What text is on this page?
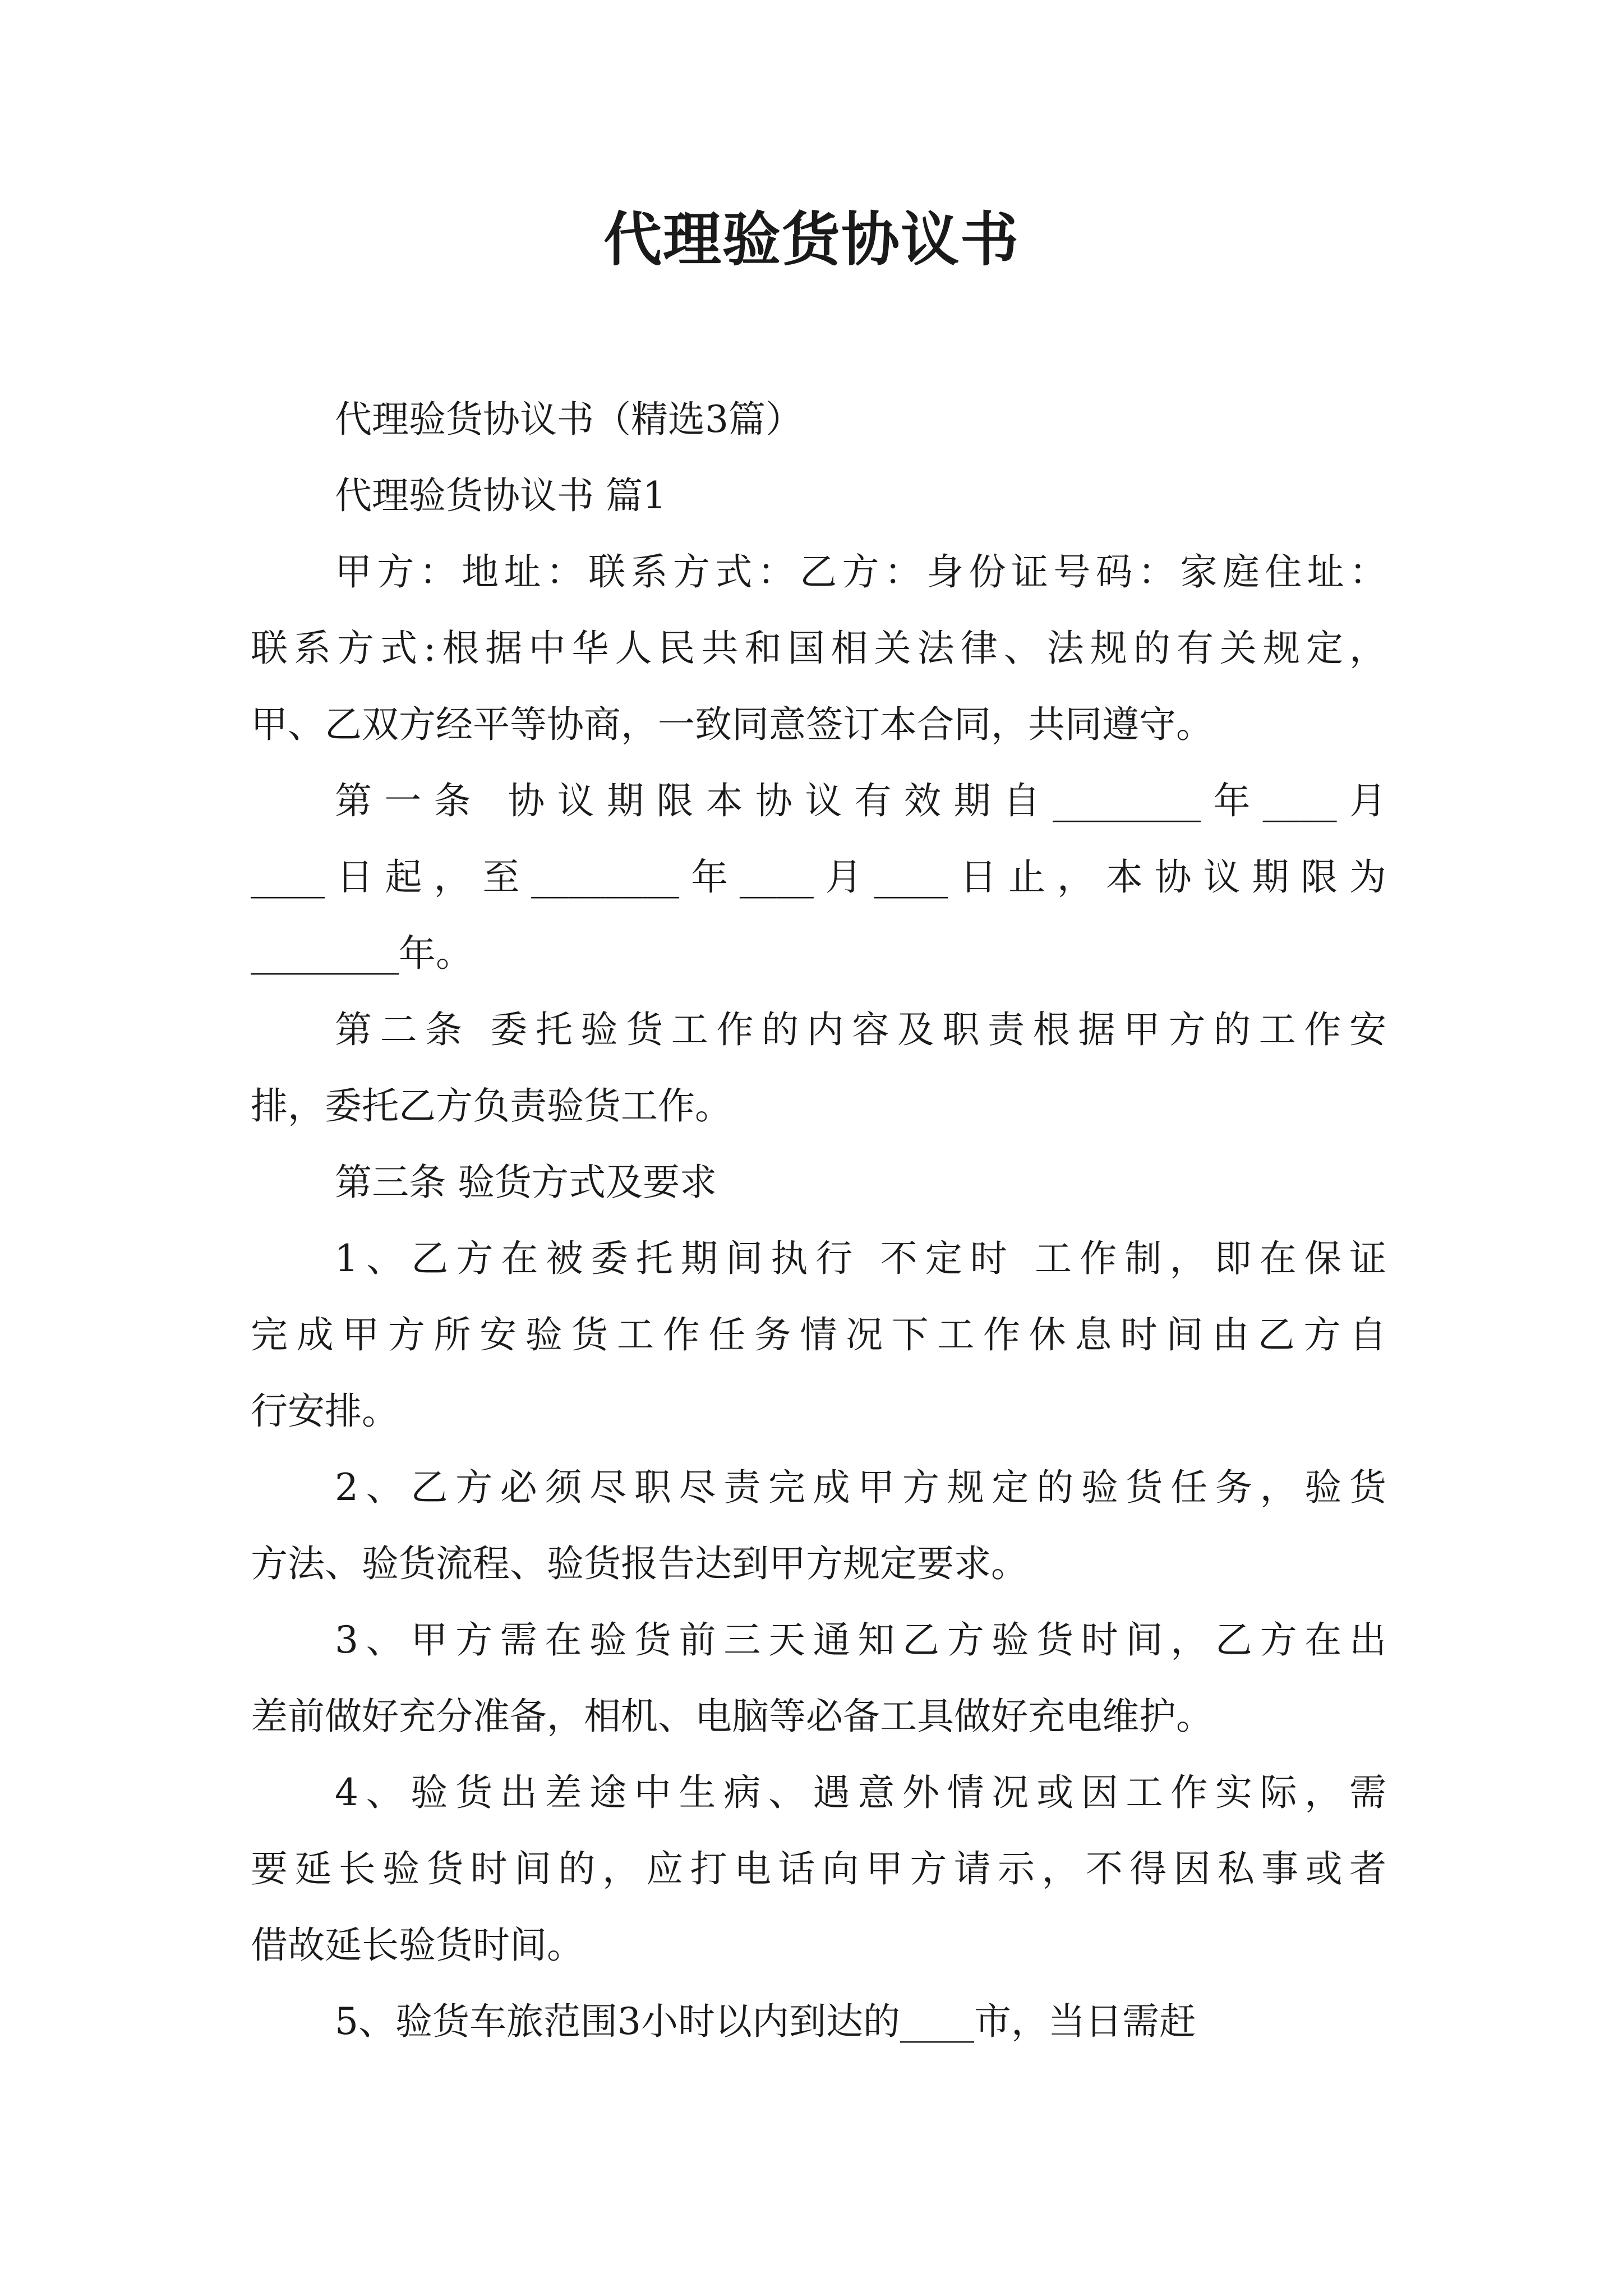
代理验货协议书

代理验货协议书（精选3篇）

代理验货协议书 篇1

甲方：地址：联系方式：乙方：身份证号码：家庭住址：

联系方式:根据中华人民共和国相关法律、法规的有关规定，

甲、乙双方经平等协商，一致同意签订本合同，共同遵守。

第一条 协议期限本协议有效期自________年____月

____日起，至________年____月____日止，本协议期限为

________年。

第二条 委托验货工作的内容及职责根据甲方的工作安

排，委托乙方负责验货工作。

第三条 验货方式及要求

1、乙方在被委托期间执行 不定时 工作制，即在保证

完成甲方所安验货工作任务情况下工作休息时间由乙方自

行安排。

2、乙方必须尽职尽责完成甲方规定的验货任务，验货

方法、验货流程、验货报告达到甲方规定要求。

3、甲方需在验货前三天通知乙方验货时间，乙方在出

差前做好充分准备，相机、电脑等必备工具做好充电维护。

4、验货出差途中生病、遇意外情况或因工作实际，需

要延长验货时间的，应打电话向甲方请示，不得因私事或者

借故延长验货时间。

5、验货车旅范围3小时以内到达的____市，当日需赶
